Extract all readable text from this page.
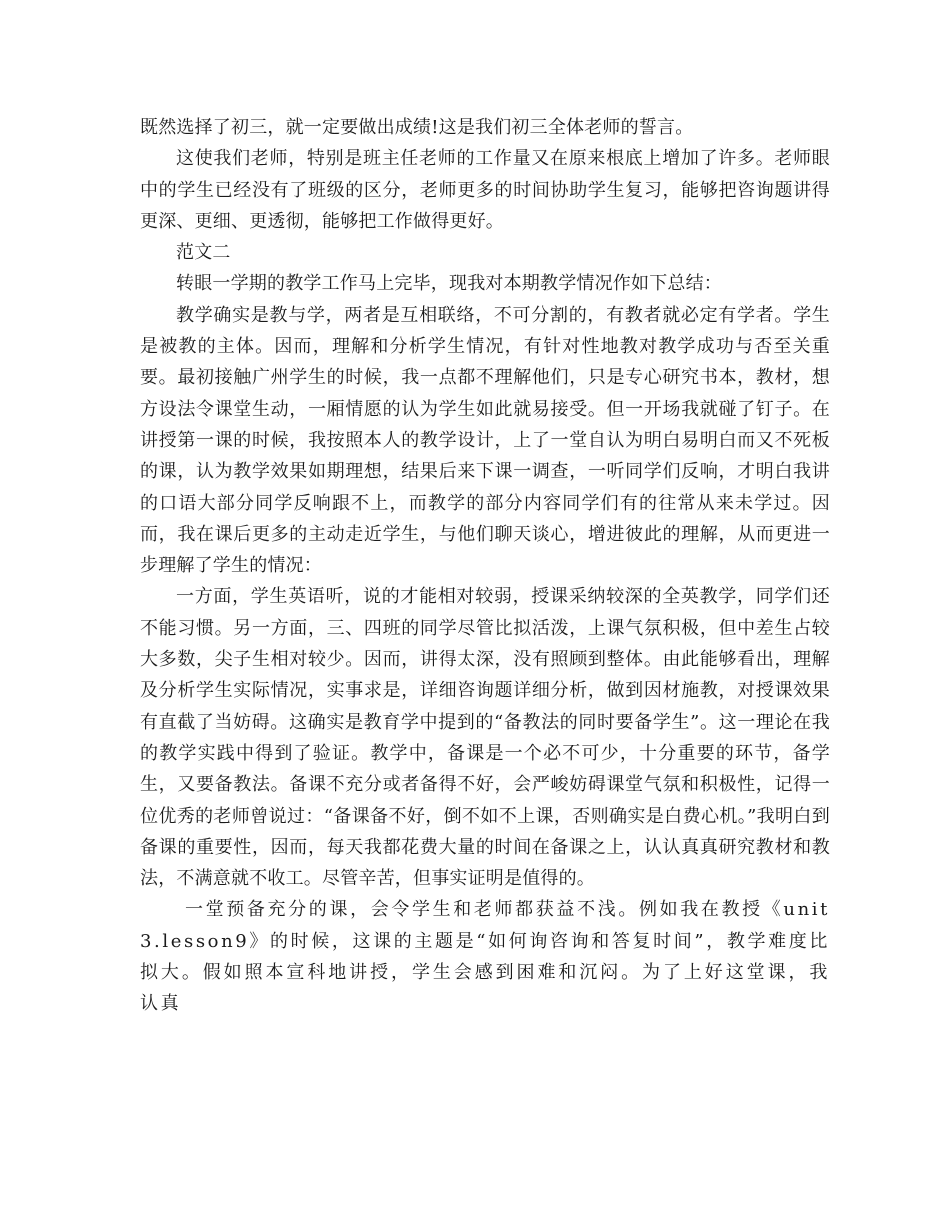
既然选择了初三，就一定要做出成绩!这是我们初三全体老师的誓言。

这使我们老师，特别是班主任老师的工作量又在原来根底上增加了许多。老师眼中的学生已经没有了班级的区分，老师更多的时间协助学生复习，能够把咨询题讲得更深、更细、更透彻，能够把工作做得更好。

范文二

转眼一学期的教学工作马上完毕，现我对本期教学情况作如下总结：

教学确实是教与学，两者是互相联络，不可分割的，有教者就必定有学者。学生是被教的主体。因而，理解和分析学生情况，有针对性地教对教学成功与否至关重要。最初接触广州学生的时候，我一点都不理解他们，只是专心研究书本，教材，想方设法令课堂生动，一厢情愿的认为学生如此就易接受。但一开场我就碰了钉子。在讲授第一课的时候，我按照本人的教学设计，上了一堂自认为明白易明白而又不死板的课，认为教学效果如期理想，结果后来下课一调查，一听同学们反响，才明白我讲的口语大部分同学反响跟不上，而教学的部分内容同学们有的往常从来未学过。因而，我在课后更多的主动走近学生，与他们聊天谈心，增进彼此的理解，从而更进一步理解了学生的情况：

一方面，学生英语听，说的才能相对较弱，授课采纳较深的全英教学，同学们还不能习惯。另一方面，三、四班的同学尽管比拟活泼，上课气氛积极，但中差生占较大多数，尖子生相对较少。因而，讲得太深，没有照顾到整体。由此能够看出，理解及分析学生实际情况，实事求是，详细咨询题详细分析，做到因材施教，对授课效果有直截了当妨碍。这确实是教育学中提到的“备教法的同时要备学生”。这一理论在我的教学实践中得到了验证。教学中，备课是一个必不可少，十分重要的环节，备学生，又要备教法。备课不充分或者备得不好，会严峻妨碍课堂气氛和积极性，记得一位优秀的老师曾说过：“备课备不好，倒不如不上课，否则确实是白费心机。”我明白到备课的重要性，因而，每天我都花费大量的时间在备课之上，认认真真研究教材和教法，不满意就不收工。尽管辛苦，但事实证明是值得的。

一堂预备充分的课，会令学生和老师都获益不浅。例如我在教授《unit3.lesson9》的时候，这课的主题是“如何询咨询和答复时间”，教学难度比拟大。假如照本宣科地讲授，学生会感到困难和沉闷。为了上好这堂课，我认真
